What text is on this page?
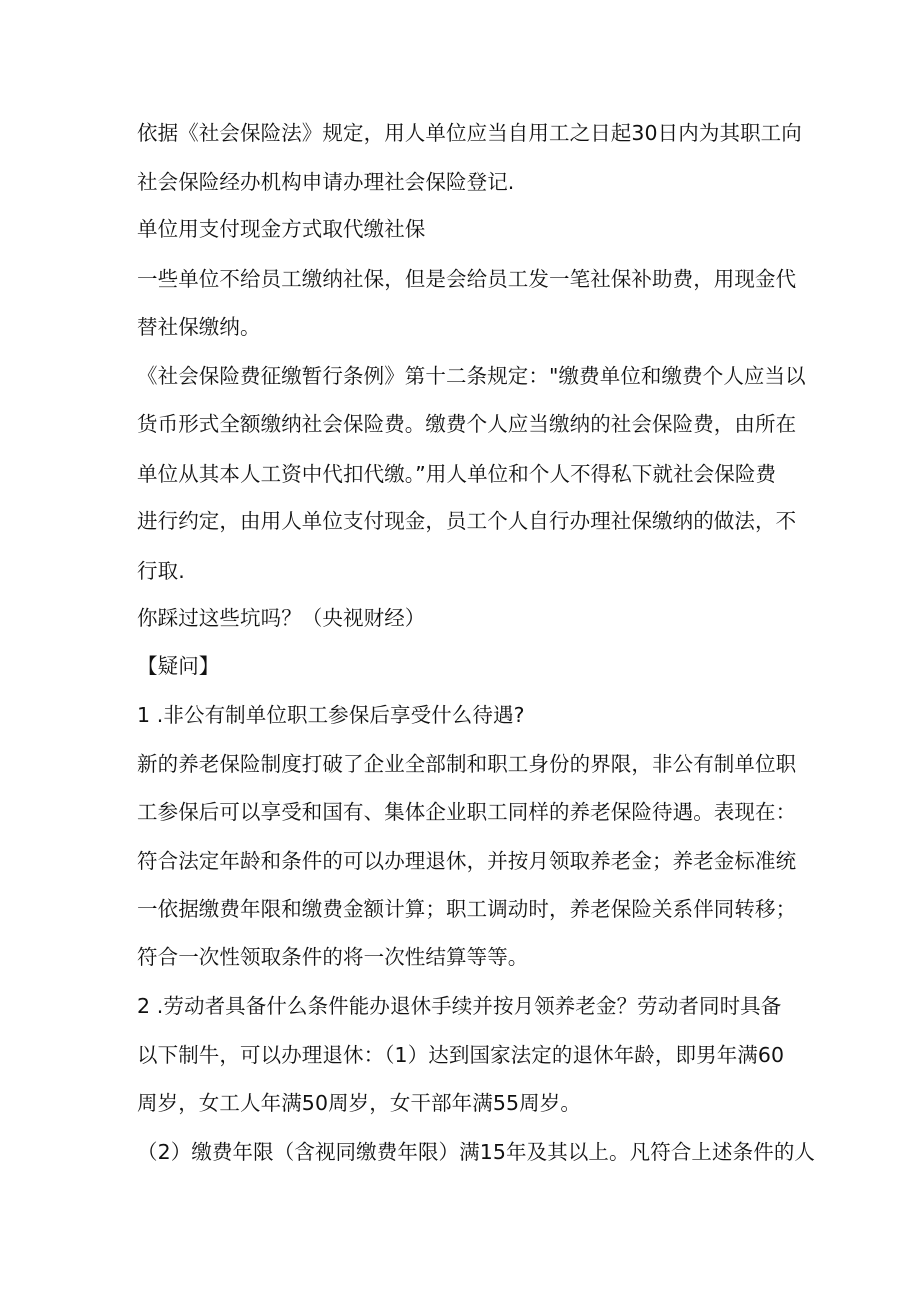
依据《社会保险法》规定，用人单位应当自用工之日起30日内为其职工向
社会保险经办机构申请办理社会保险登记.
单位用支付现金方式取代缴社保
一些单位不给员工缴纳社保，但是会给员工发一笔社保补助费，用现金代
替社保缴纳。
《社会保险费征缴暂行条例》第十二条规定："缴费单位和缴费个人应当以
货币形式全额缴纳社会保险费。缴费个人应当缴纳的社会保险费，由所在
单位从其本人工资中代扣代缴。”用人单位和个人不得私下就社会保险费
进行约定，由用人单位支付现金，员工个人自行办理社保缴纳的做法，不
行取.
你踩过这些坑吗？（央视财经）
【疑问】
1 .非公有制单位职工参保后享受什么待遇?
新的养老保险制度打破了企业全部制和职工身份的界限，非公有制单位职
工参保后可以享受和国有、集体企业职工同样的养老保险待遇。表现在：
符合法定年龄和条件的可以办理退休，并按月领取养老金；养老金标准统
一依据缴费年限和缴费金额计算；职工调动时，养老保险关系伴同转移；
符合一次性领取条件的将一次性结算等等。
2 .劳动者具备什么条件能办退休手续并按月领养老金？劳动者同时具备
以下制牛，可以办理退休：（1）达到国家法定的退休年龄，即男年满60
周岁，女工人年满50周岁，女干部年满55周岁。
（2）缴费年限（含视同缴费年限）满15年及其以上。凡符合上述条件的人
